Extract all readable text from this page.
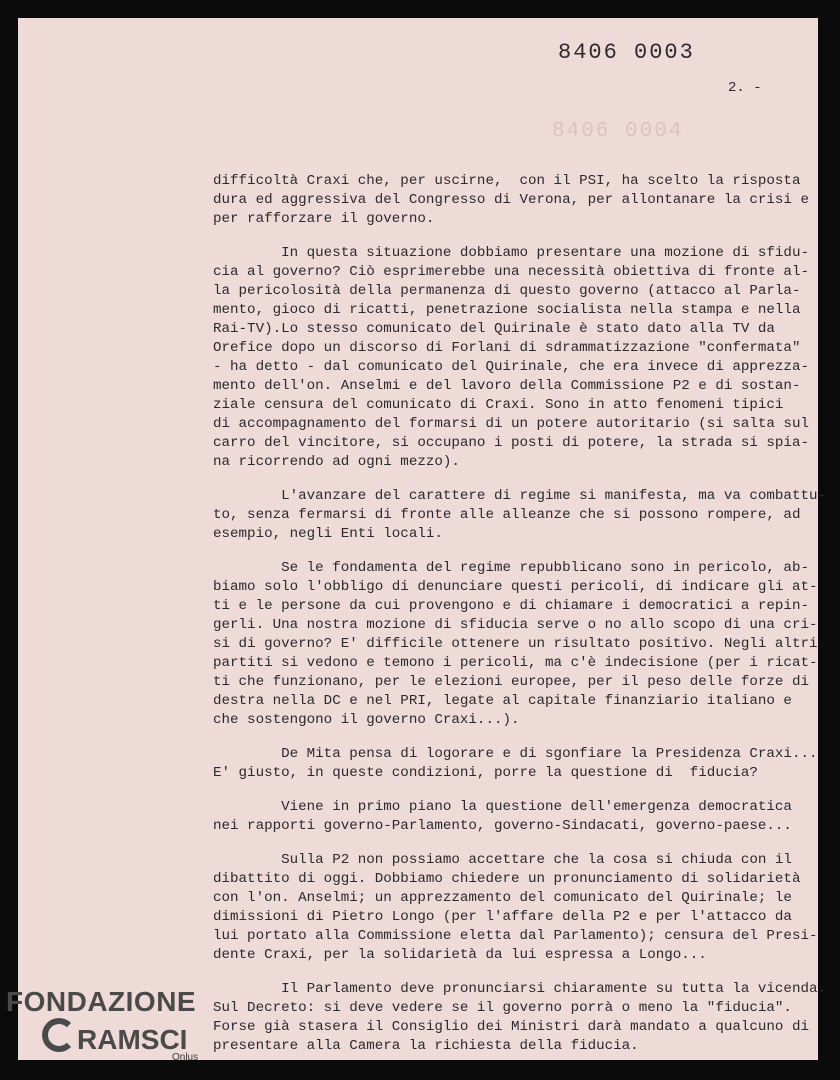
8406 0004
8406 0003
2. -

difficoltà Craxi che, per uscirne,  con il PSI, ha scelto la risposta
dura ed aggressiva del Congresso di Verona, per allontanare la crisi
per rafforzare il governo.

In questa situazione dobbiamo presentare una mozione di sfidu-
cia al governo? Ciò esprimerebbe una necessità obiettiva di fronte al-
la pericolosità della permanenza di questo governo (attacco al Parla-
mento, gioco di ricatti, penetrazione socialista nella stampa e nella
Rai-TV).Lo stesso comunicato del Quirinale è stato dato alla TV da
Orefice dopo un discorso di Forlani di sdrammatizzazione "confermata"
- ha detto - dal comunicato del Quirinale, che era invece di apprezza-
mento dell'on. Anselmi e del lavoro della Commissione P2 e di sostan-
ziale censura del comunicato di Craxi. Sono in atto fenomeni tipici
di accompagnamento del formarsi di un potere autoritario (si salta sul
carro del vincitore, si occupano i posti di potere, la strada si spia-
na ricorrendo ad ogni mezzo).

L'avanzare del carattere di regime si manifesta, ma va combattu-
to, senza fermarsi di fronte alle alleanze che si possono rompere, ad
esempio, negli Enti locali.

Se le fondamenta del regime repubblicano sono in pericolo, ab-
biamo solo l'obbligo di denunciare questi pericoli, di indicare gli
ti e le persone da cui provengono e di chiamare i democratici a repin-
gerli. Una nostra mozione di sfiducia serve o no allo scopo di una cri-
si di governo? E' difficile ottenere un risultato positivo. Negli altri
partiti si vedono e temono i pericoli, ma c'è indecisione (per i ricat-
ti che funzionano, per le elezioni europee, per il peso delle forze di
destra nella DC e nel PRI, legate al capitale finanziario italiano e
che sostengono il governo Craxi...).

De Mita pensa di logorare e di sgonfiare la Presidenza Craxi...
E' giusto, in queste condizioni, porre la questione di  fiducia?

Viene in primo piano la questione dell'emergenza democratica
nei rapporti governo-Parlamento, governo-Sindacati, governo-paese...

Sulla P2 non possiamo accettare che la cosa si chiuda con il
dibattito di oggi. Dobbiamo chiedere un pronunciamento di solidarietà
con l'on. Anselmi; un apprezzamento del comunicato del Quirinale; le
dimissioni di Pietro Longo (per l'affare della P2 e per l'attacco da
lui portato alla Commissione eletta dal Parlamento); censura del Presi-
dente Craxi, per la solidarietà da lui espressa a Longo...

Il Parlamento deve pronunciarsi chiaramente su tutta la vicenda.
Sul Decreto: si deve vedere se il governo porrà o meno la "fiducia".
Forse già stasera il Consiglio dei Ministri darà mandato a qualcuno di
presentare alla Camera la richiesta della fiducia.

FONDAZIONE
RAMSCI
Onlus
